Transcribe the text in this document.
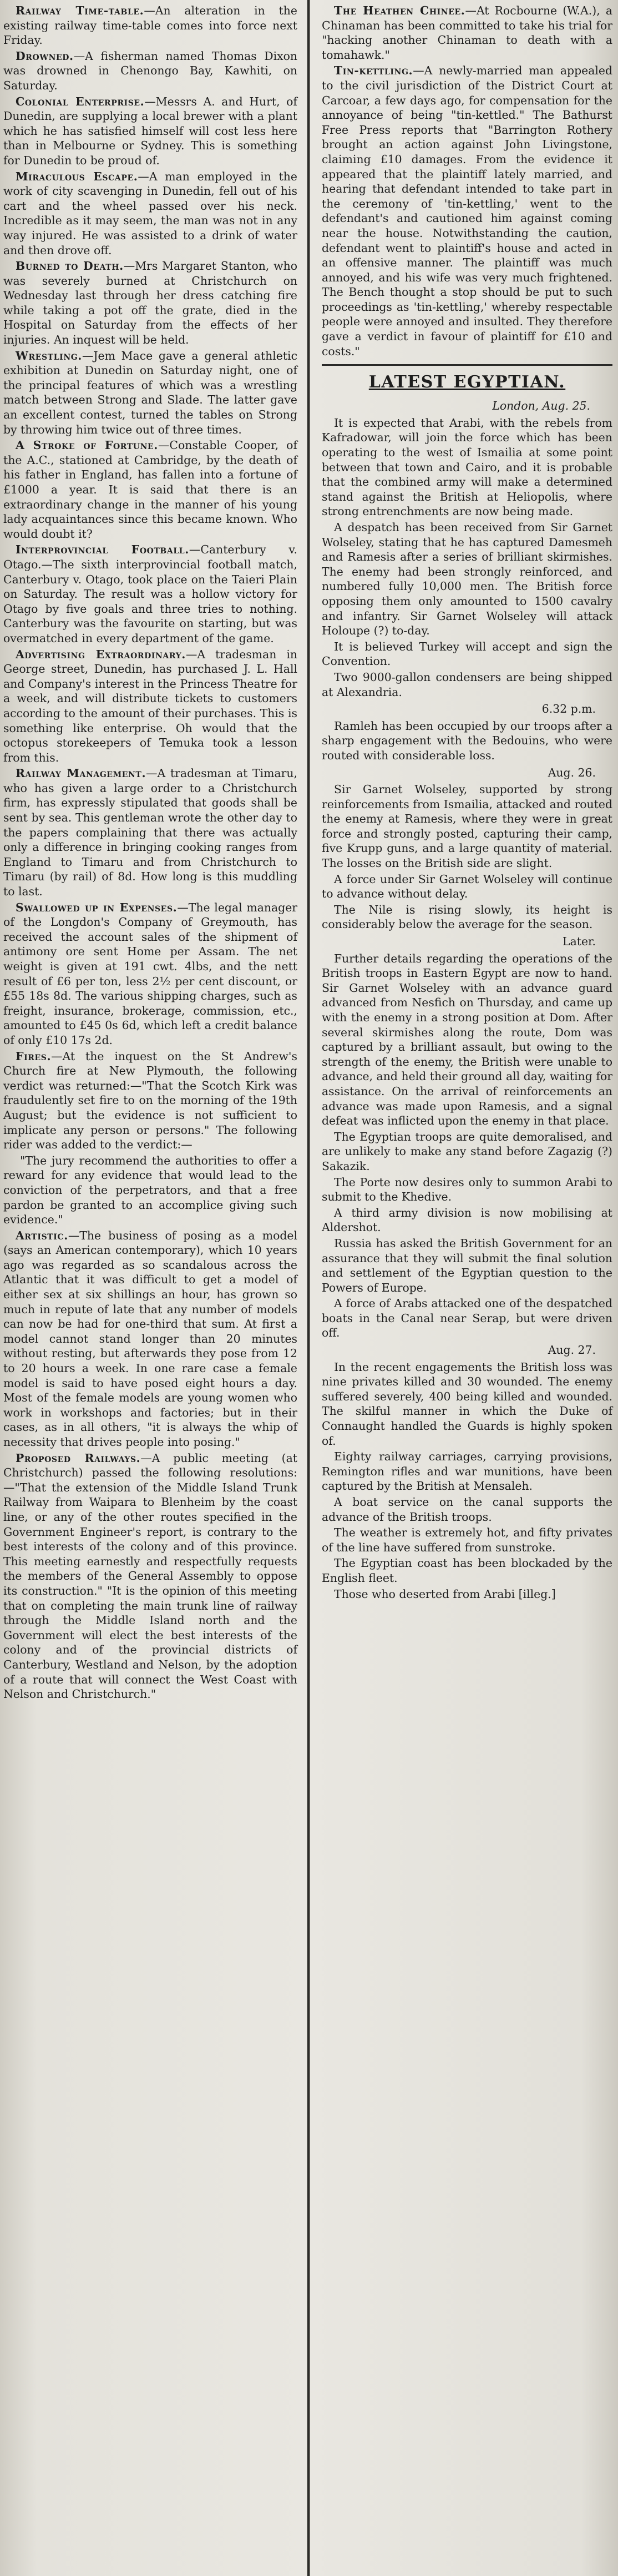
Railway Time-table.—An alteration in the existing railway time-table comes into force next Friday.

Drowned.—A fisherman named Thomas Dixon was drowned in Chenongo Bay, Kawhiti, on Saturday.

Colonial Enterprise.—Messrs A. and Hurt, of Dunedin, are supplying a local brewer with a plant which he has satisfied himself will cost less here than in Melbourne or Sydney. This is something for Dunedin to be proud of.

Miraculous Escape.—A man employed in the work of city scavenging in Dunedin, fell out of his cart and the wheel passed over his neck. Incredible as it may seem, the man was not in any way injured. He was assisted to a drink of water and then drove off.

Burned to Death.—Mrs Margaret Stanton, who was severely burned at Christchurch on Wednesday last through her dress catching fire while taking a pot off the grate, died in the Hospital on Saturday from the effects of her injuries. An inquest will be held.

Wrestling.—Jem Mace gave a general athletic exhibition at Dunedin on Saturday night, one of the principal features of which was a wrestling match between Strong and Slade. The latter gave an excellent contest, turned the tables on Strong by throwing him twice out of three times.

A Stroke of Fortune.—Constable Cooper, of the A.C., stationed at Cambridge, by the death of his father in England, has fallen into a fortune of £1000 a year. It is said that there is an extraordinary change in the manner of his young lady acquaintances since this became known. Who would doubt it?

Interprovincial Football.—Canterbury v. Otago.—The sixth interprovincial football match, Canterbury v. Otago, took place on the Taieri Plain on Saturday. The result was a hollow victory for Otago by five goals and three tries to nothing. Canterbury was the favourite on starting, but was overmatched in every department of the game.

Advertising Extraordinary.—A tradesman in George street, Dunedin, has purchased J. L. Hall and Company's interest in the Princess Theatre for a week, and will distribute tickets to customers according to the amount of their purchases. This is something like enterprise. Oh would that the octopus storekeepers of Temuka took a lesson from this.

Railway Management.—A tradesman at Timaru, who has given a large order to a Christchurch firm, has expressly stipulated that goods shall be sent by sea. This gentleman wrote the other day to the papers complaining that there was actually only a difference in bringing cooking ranges from England to Timaru and from Christchurch to Timaru (by rail) of 8d. How long is this muddling to last.

Swallowed up in Expenses.—The legal manager of the Longdon's Company of Greymouth, has received the account sales of the shipment of antimony ore sent Home per Assam. The net weight is given at 191 cwt. 4lbs, and the nett result of £6 per ton, less 2½ per cent discount, or £55 18s 8d. The various shipping charges, such as freight, insurance, brokerage, commission, etc., amounted to £45 0s 6d, which left a credit balance of only £10 17s 2d.

Fires.—At the inquest on the St Andrew's Church fire at New Plymouth, the following verdict was returned:—"That the Scotch Kirk was fraudulently set fire to on the morning of the 19th August; but the evidence is not sufficient to implicate any person or persons." The following rider was added to the verdict:—

"The jury recommend the authorities to offer a reward for any evidence that would lead to the conviction of the perpetrators, and that a free pardon be granted to an accomplice giving such evidence."

Artistic.—The business of posing as a model (says an American contemporary), which 10 years ago was regarded as so scandalous across the Atlantic that it was difficult to get a model of either sex at six shillings an hour, has grown so much in repute of late that any number of models can now be had for one-third that sum. At first a model cannot stand longer than 20 minutes without resting, but afterwards they pose from 12 to 20 hours a week. In one rare case a female model is said to have posed eight hours a day. Most of the female models are young women who work in workshops and factories; but in their cases, as in all others, "it is always the whip of necessity that drives people into posing."

Proposed Railways.—A public meeting (at Christchurch) passed the following resolutions:—"That the extension of the Middle Island Trunk Railway from Waipara to Blenheim by the coast line, or any of the other routes specified in the Government Engineer's report, is contrary to the best interests of the colony and of this province. This meeting earnestly and respectfully requests the members of the General Assembly to oppose its construction." "It is the opinion of this meeting that on completing the main trunk line of railway through the Middle Island north and the Government will elect the best interests of the colony and of the provincial districts of Canterbury, Westland and Nelson, by the adoption of a route that will connect the West Coast with Nelson and Christchurch."

The Heathen Chinee.—At Rocbourne (W.A.), a Chinaman has been committed to take his trial for "hacking another Chinaman to death with a tomahawk."

Tin-kettling.—A newly-married man appealed to the civil jurisdiction of the District Court at Carcoar, a few days ago, for compensation for the annoyance of being "tin-kettled." The Bathurst Free Press reports that "Barrington Rothery brought an action against John Livingstone, claiming £10 damages. From the evidence it appeared that the plaintiff lately married, and hearing that defendant intended to take part in the ceremony of 'tin-kettling,' went to the defendant's and cautioned him against coming near the house. Notwithstanding the caution, defendant went to plaintiff's house and acted in an offensive manner. The plaintiff was much annoyed, and his wife was very much frightened. The Bench thought a stop should be put to such proceedings as 'tin-kettling,' whereby respectable people were annoyed and insulted. They therefore gave a verdict in favour of plaintiff for £10 and costs."

LATEST EGYPTIAN.
London, Aug. 25.

It is expected that Arabi, with the rebels from Kafradowar, will join the force which has been operating to the west of Ismailia at some point between that town and Cairo, and it is probable that the combined army will make a determined stand against the British at Heliopolis, where strong entrenchments are now being made.

A despatch has been received from Sir Garnet Wolseley, stating that he has captured Damesmeh and Ramesis after a series of brilliant skirmishes. The enemy had been strongly reinforced, and numbered fully 10,000 men. The British force opposing them only amounted to 1500 cavalry and infantry. Sir Garnet Wolseley will attack Holoupe (?) to-day.

It is believed Turkey will accept and sign the Convention.

Two 9000-gallon condensers are being shipped at Alexandria.

6.32 p.m.

Ramleh has been occupied by our troops after a sharp engagement with the Bedouins, who were routed with considerable loss.

Aug. 26.

Sir Garnet Wolseley, supported by strong reinforcements from Ismailia, attacked and routed the enemy at Ramesis, where they were in great force and strongly posted, capturing their camp, five Krupp guns, and a large quantity of material. The losses on the British side are slight.

A force under Sir Garnet Wolseley will continue to advance without delay.

The Nile is rising slowly, its height is considerably below the average for the season.

Later.

Further details regarding the operations of the British troops in Eastern Egypt are now to hand. Sir Garnet Wolseley with an advance guard advanced from Nesfich on Thursday, and came up with the enemy in a strong position at Dom. After several skirmishes along the route, Dom was captured by a brilliant assault, but owing to the strength of the enemy, the British were unable to advance, and held their ground all day, waiting for assistance. On the arrival of reinforcements an advance was made upon Ramesis, and a signal defeat was inflicted upon the enemy in that place.

The Egyptian troops are quite demoralised, and are unlikely to make any stand before Zagazig (?) Sakazik.

The Porte now desires only to summon Arabi to submit to the Khedive.

A third army division is now mobilising at Aldershot.

Russia has asked the British Government for an assurance that they will submit the final solution and settlement of the Egyptian question to the Powers of Europe.

A force of Arabs attacked one of the despatched boats in the Canal near Serap, but were driven off.

Aug. 27.

In the recent engagements the British loss was nine privates killed and 30 wounded. The enemy suffered severely, 400 being killed and wounded. The skilful manner in which the Duke of Connaught handled the Guards is highly spoken of.

Eighty railway carriages, carrying provisions, Remington rifles and war munitions, have been captured by the British at Mensaleh.

A boat service on the canal supports the advance of the British troops.

The weather is extremely hot, and fifty privates of the line have suffered from sunstroke.

The Egyptian coast has been blockaded by the English fleet.

Those who deserted from Arabi [illeg.]
